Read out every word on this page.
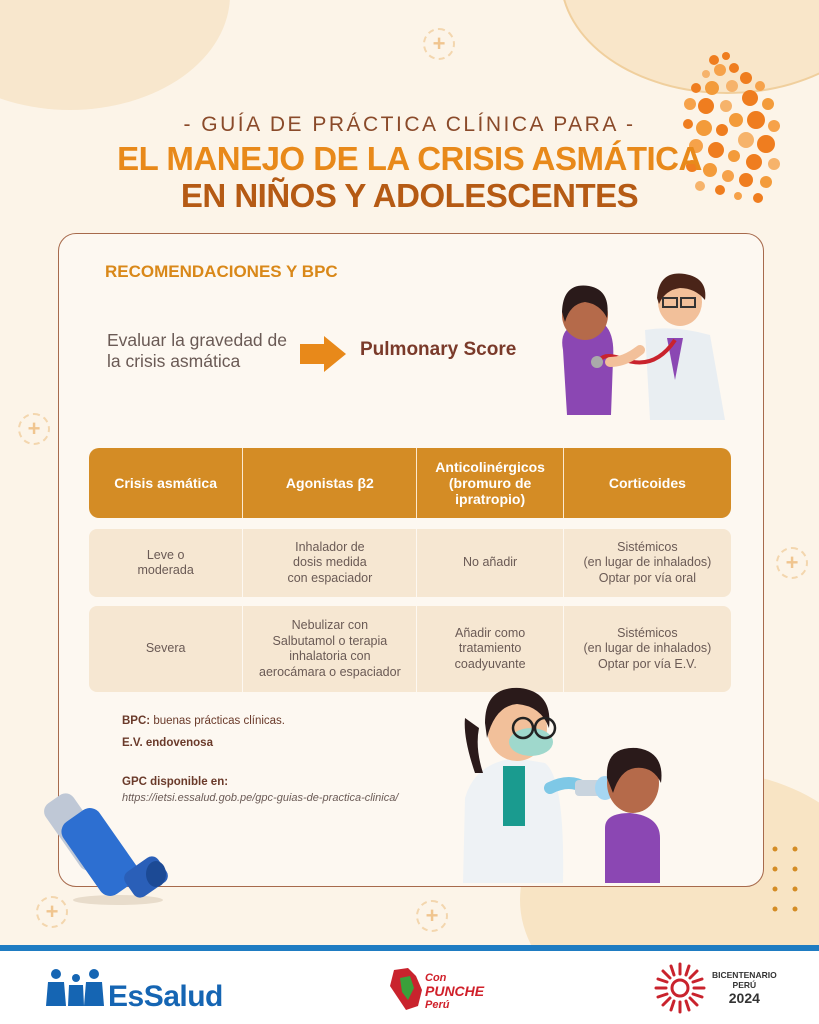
+
+
+
+	+
- GUÍA DE PRÁCTICA CLÍNICA PARA -
EL MANEJO DE LA CRISIS ASMÁTICA
EN NIÑOS Y ADOLESCENTES
RECOMENDACIONES Y BPC
Evaluar la gravedad de la crisis asmática
Pulmonary Score
Crisis asmática	Agonistas β2
Anticolinérgicos (bromuro de ipratropio)
Corticoides
Leve o
moderada
Inhalador de
dosis medida
con espaciador
No añadir
Sistémicos
(en lugar de inhalados)
Optar por vía oral
Severa
Nebulizar con
Salbutamol o terapia
inhalatoria con
aerocámara o espaciador
Añadir como
tratamiento
coadyuvante
Sistémicos
(en lugar de inhalados)
Optar por vía E.V.
BPC: buenas prácticas clínicas.
E.V. endovenosa
GPC disponible en:
https://ietsi.essalud.gob.pe/gpc-guias-de-practica-clinica/
EsSalud
Con
PUNCHE
Perú
BICENTENARIO
PERÚ
2024
